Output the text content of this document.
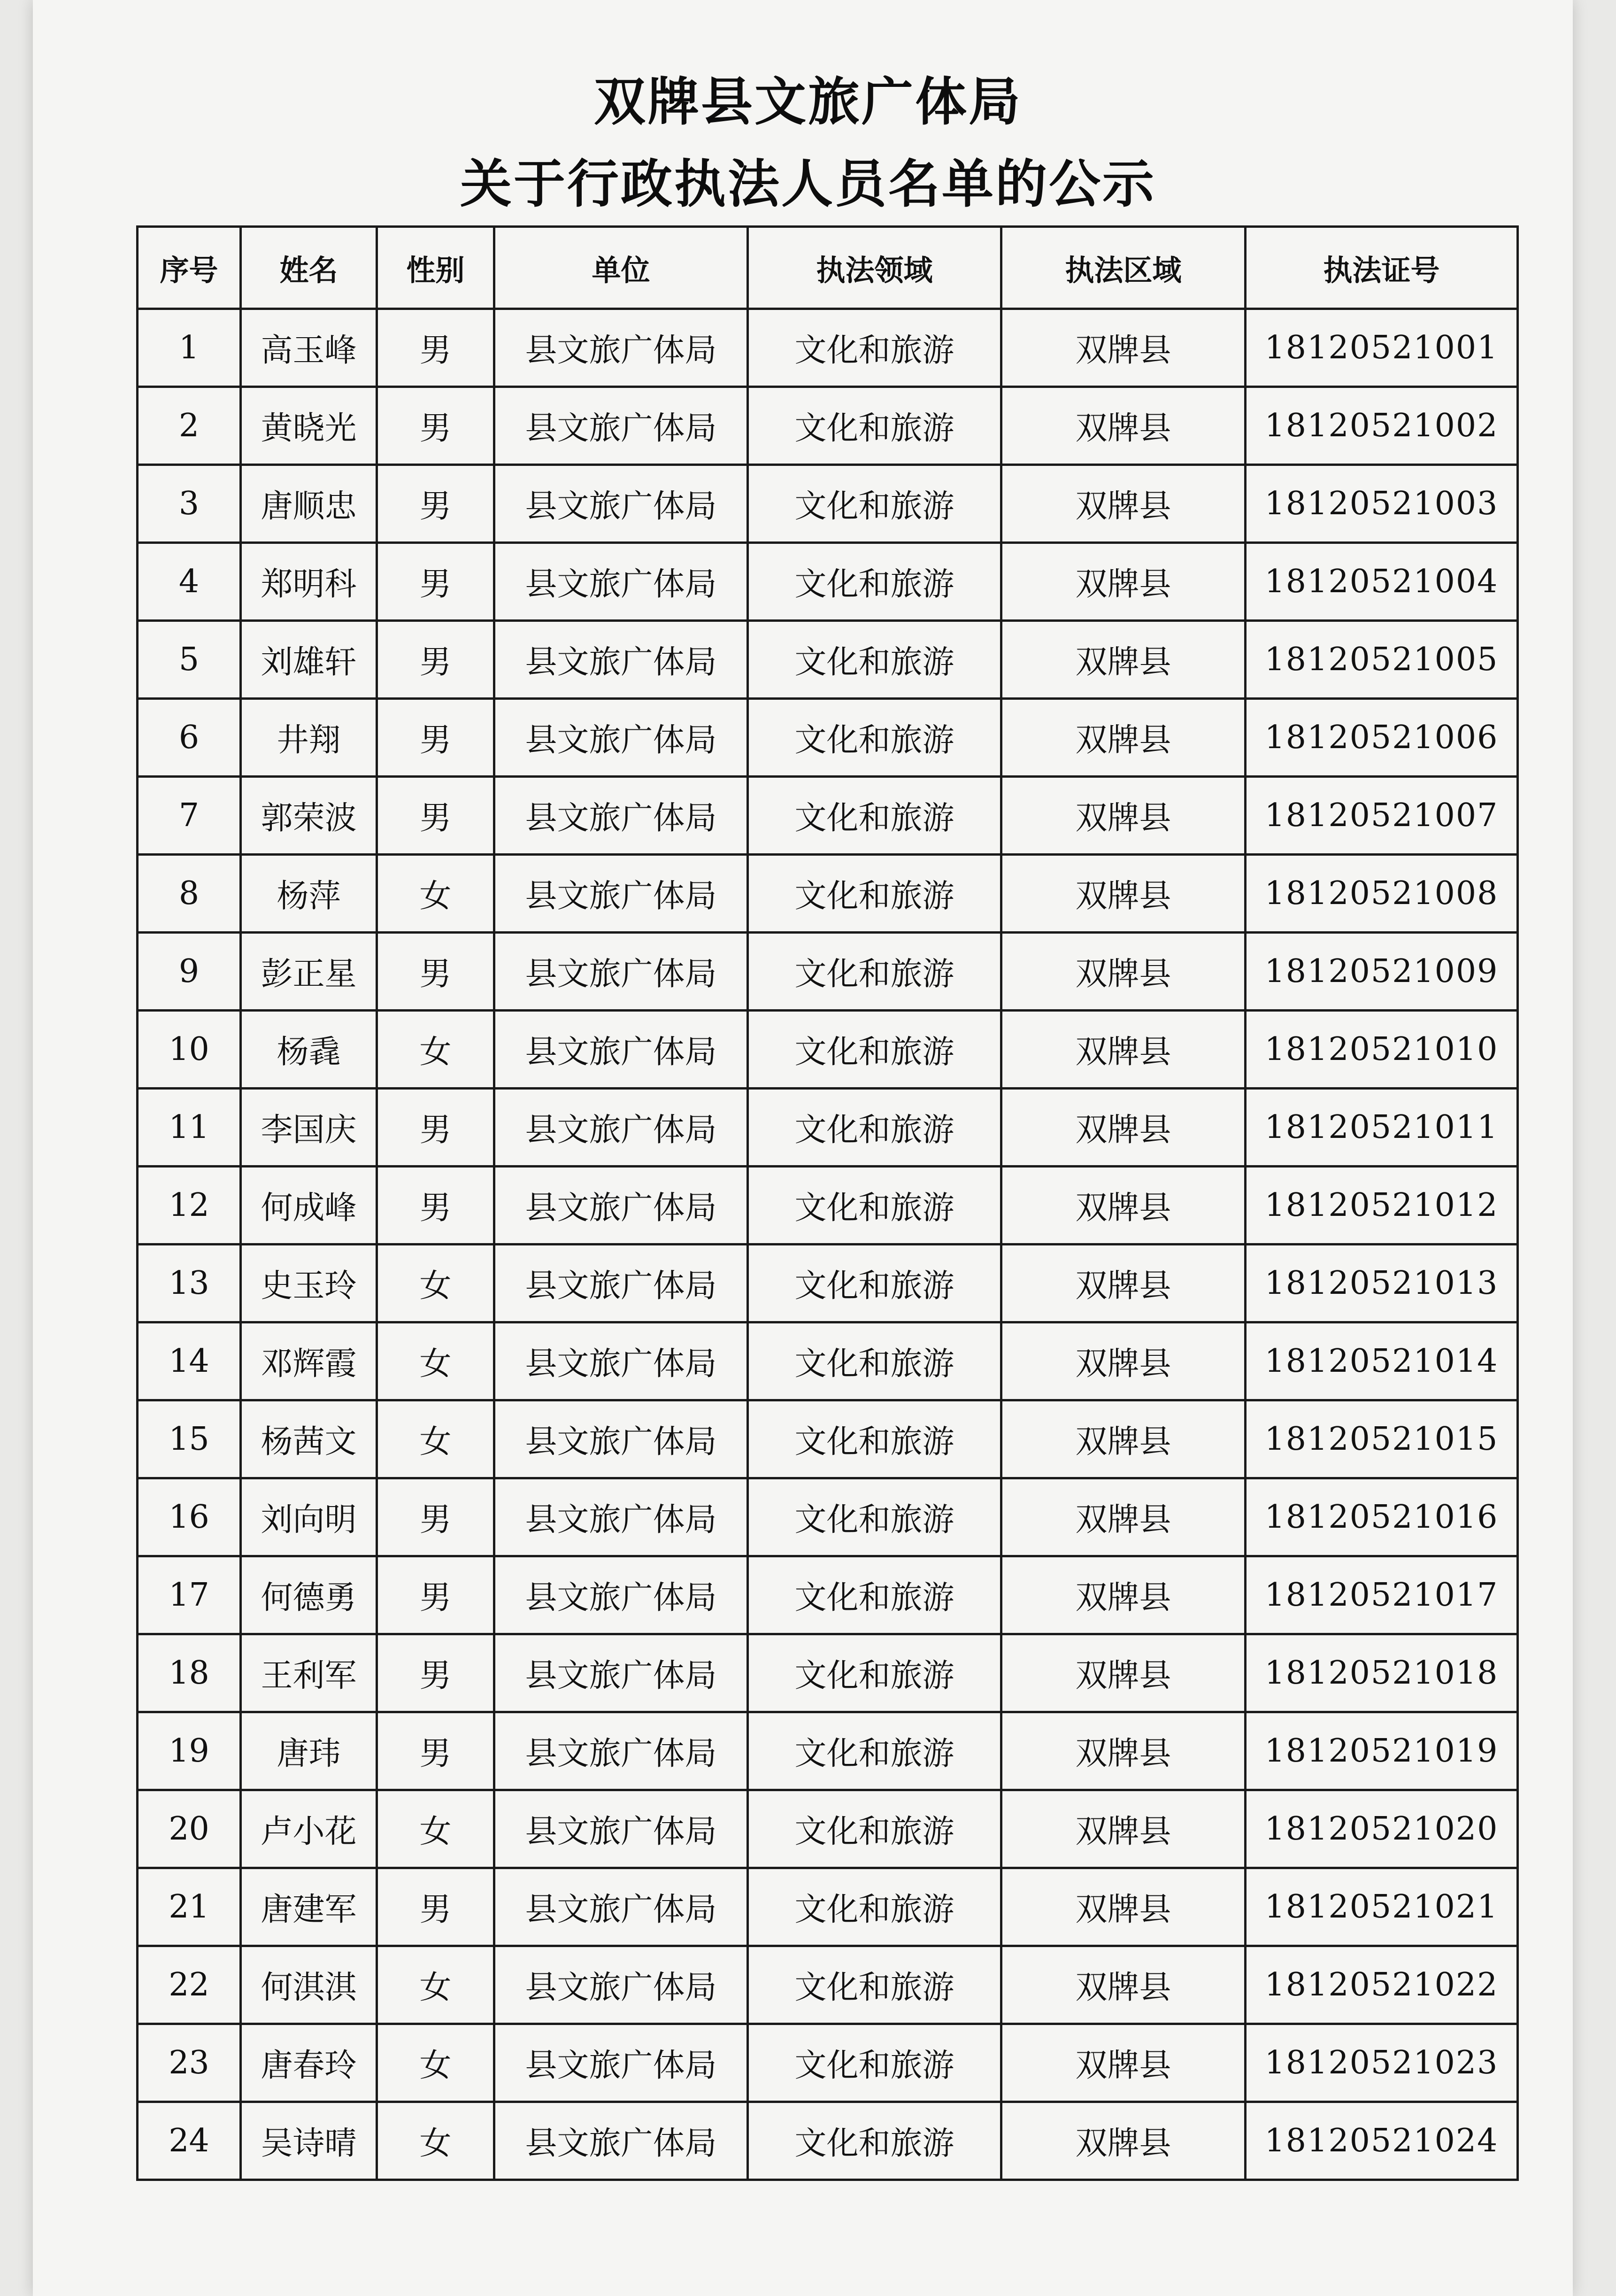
双牌县文旅广体局
关于行政执法人员名单的公示
序号	姓名	性别	单位	执法领域	执法区域	执法证号
1	高玉峰	男	县文旅广体局	文化和旅游	双牌县	18120521001
2	黄晓光	男	县文旅广体局	文化和旅游	双牌县	18120521002
3	唐顺忠	男	县文旅广体局	文化和旅游	双牌县	18120521003
4	郑明科	男	县文旅广体局	文化和旅游	双牌县	18120521004
5	刘雄轩	男	县文旅广体局	文化和旅游	双牌县	18120521005
6	井翔	男	县文旅广体局	文化和旅游	双牌县	18120521006
7	郭荣波	男	县文旅广体局	文化和旅游	双牌县	18120521007
8	杨萍	女	县文旅广体局	文化和旅游	双牌县	18120521008
9	彭正星	男	县文旅广体局	文化和旅游	双牌县	18120521009
10	杨毳	女	县文旅广体局	文化和旅游	双牌县	18120521010
11	李国庆	男	县文旅广体局	文化和旅游	双牌县	18120521011
12	何成峰	男	县文旅广体局	文化和旅游	双牌县	18120521012
13	史玉玲	女	县文旅广体局	文化和旅游	双牌县	18120521013
14	邓辉霞	女	县文旅广体局	文化和旅游	双牌县	18120521014
15	杨茜文	女	县文旅广体局	文化和旅游	双牌县	18120521015
16	刘向明	男	县文旅广体局	文化和旅游	双牌县	18120521016
17	何德勇	男	县文旅广体局	文化和旅游	双牌县	18120521017
18	王利军	男	县文旅广体局	文化和旅游	双牌县	18120521018
19	唐玮	男	县文旅广体局	文化和旅游	双牌县	18120521019
20	卢小花	女	县文旅广体局	文化和旅游	双牌县	18120521020
21	唐建军	男	县文旅广体局	文化和旅游	双牌县	18120521021
22	何淇淇	女	县文旅广体局	文化和旅游	双牌县	18120521022
23	唐春玲	女	县文旅广体局	文化和旅游	双牌县	18120521023
24	吴诗晴	女	县文旅广体局	文化和旅游	双牌县	18120521024
